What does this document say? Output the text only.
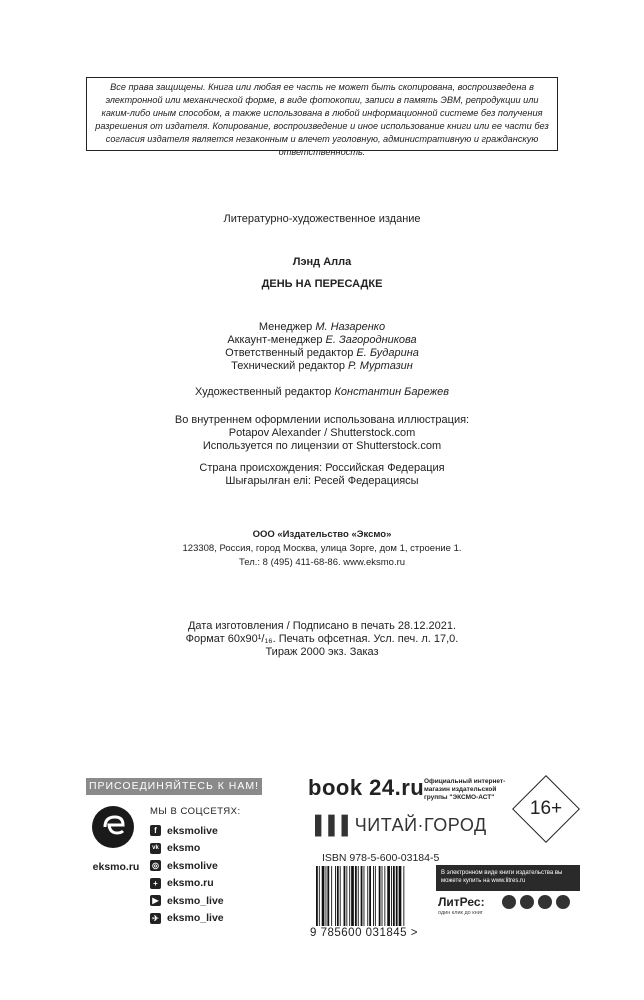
Все права защищены. Книга или любая ее часть не может быть скопирована, воспроизведена в электронной или механической форме, в виде фотокопии, записи в память ЭВМ, репродукции или каким-либо иным способом, а также использована в любой информационной системе без получения разрешения от издателя. Копирование, воспроизведение и иное использование книги или ее части без согласия издателя является незаконным и влечет уголовную, административную и гражданскую ответственность.
Литературно-художественное издание
Лэнд Алла
ДЕНЬ НА ПЕРЕСАДКЕ
Менеджер М. Назаренко
Аккаунт-менеджер Е. Загородникова
Ответственный редактор Е. Бударина
Технический редактор Р. Муртазин
Художественный редактор Константин Барежев
Во внутреннем оформлении использована иллюстрация:
Potapov Alexander / Shutterstock.com
Используется по лицензии от Shutterstock.com
Страна происхождения: Российская Федерация
Шығарылған елі: Ресей Федерациясы
ООО «Издательство «Эксмо»
123308, Россия, город Москва, улица Зорге, дом 1, строение 1.
Тел.: 8 (495) 411-68-86. www.eksmo.ru
Дата изготовления / Подписано в печать 28.12.2021.
Формат 60х90¹/₁₆. Печать офсетная. Усл. печ. л. 17,0.
Тираж 2000 экз. Заказ
ПРИСОЕДИНЯЙТЕСЬ К НАМ!
eksmo.ru
МЫ В СОЦСЕТЯХ:
f eksmolive
vk eksmo
◎ eksmolive
+ eksmo.ru
▶ eksmo_live
✈ eksmo_live
book 24.ru Официальный интернет-магазин издательской группы "ЭКСМО-АСТ"
▌▌▌ЧИТАЙ·ГОРОД
16+
ISBN 978-5-600-03184-5
9 785600 031845 >
В электронном виде книги издательства вы можете купить на www.litres.ru
ЛитРес:
один клик до книг
